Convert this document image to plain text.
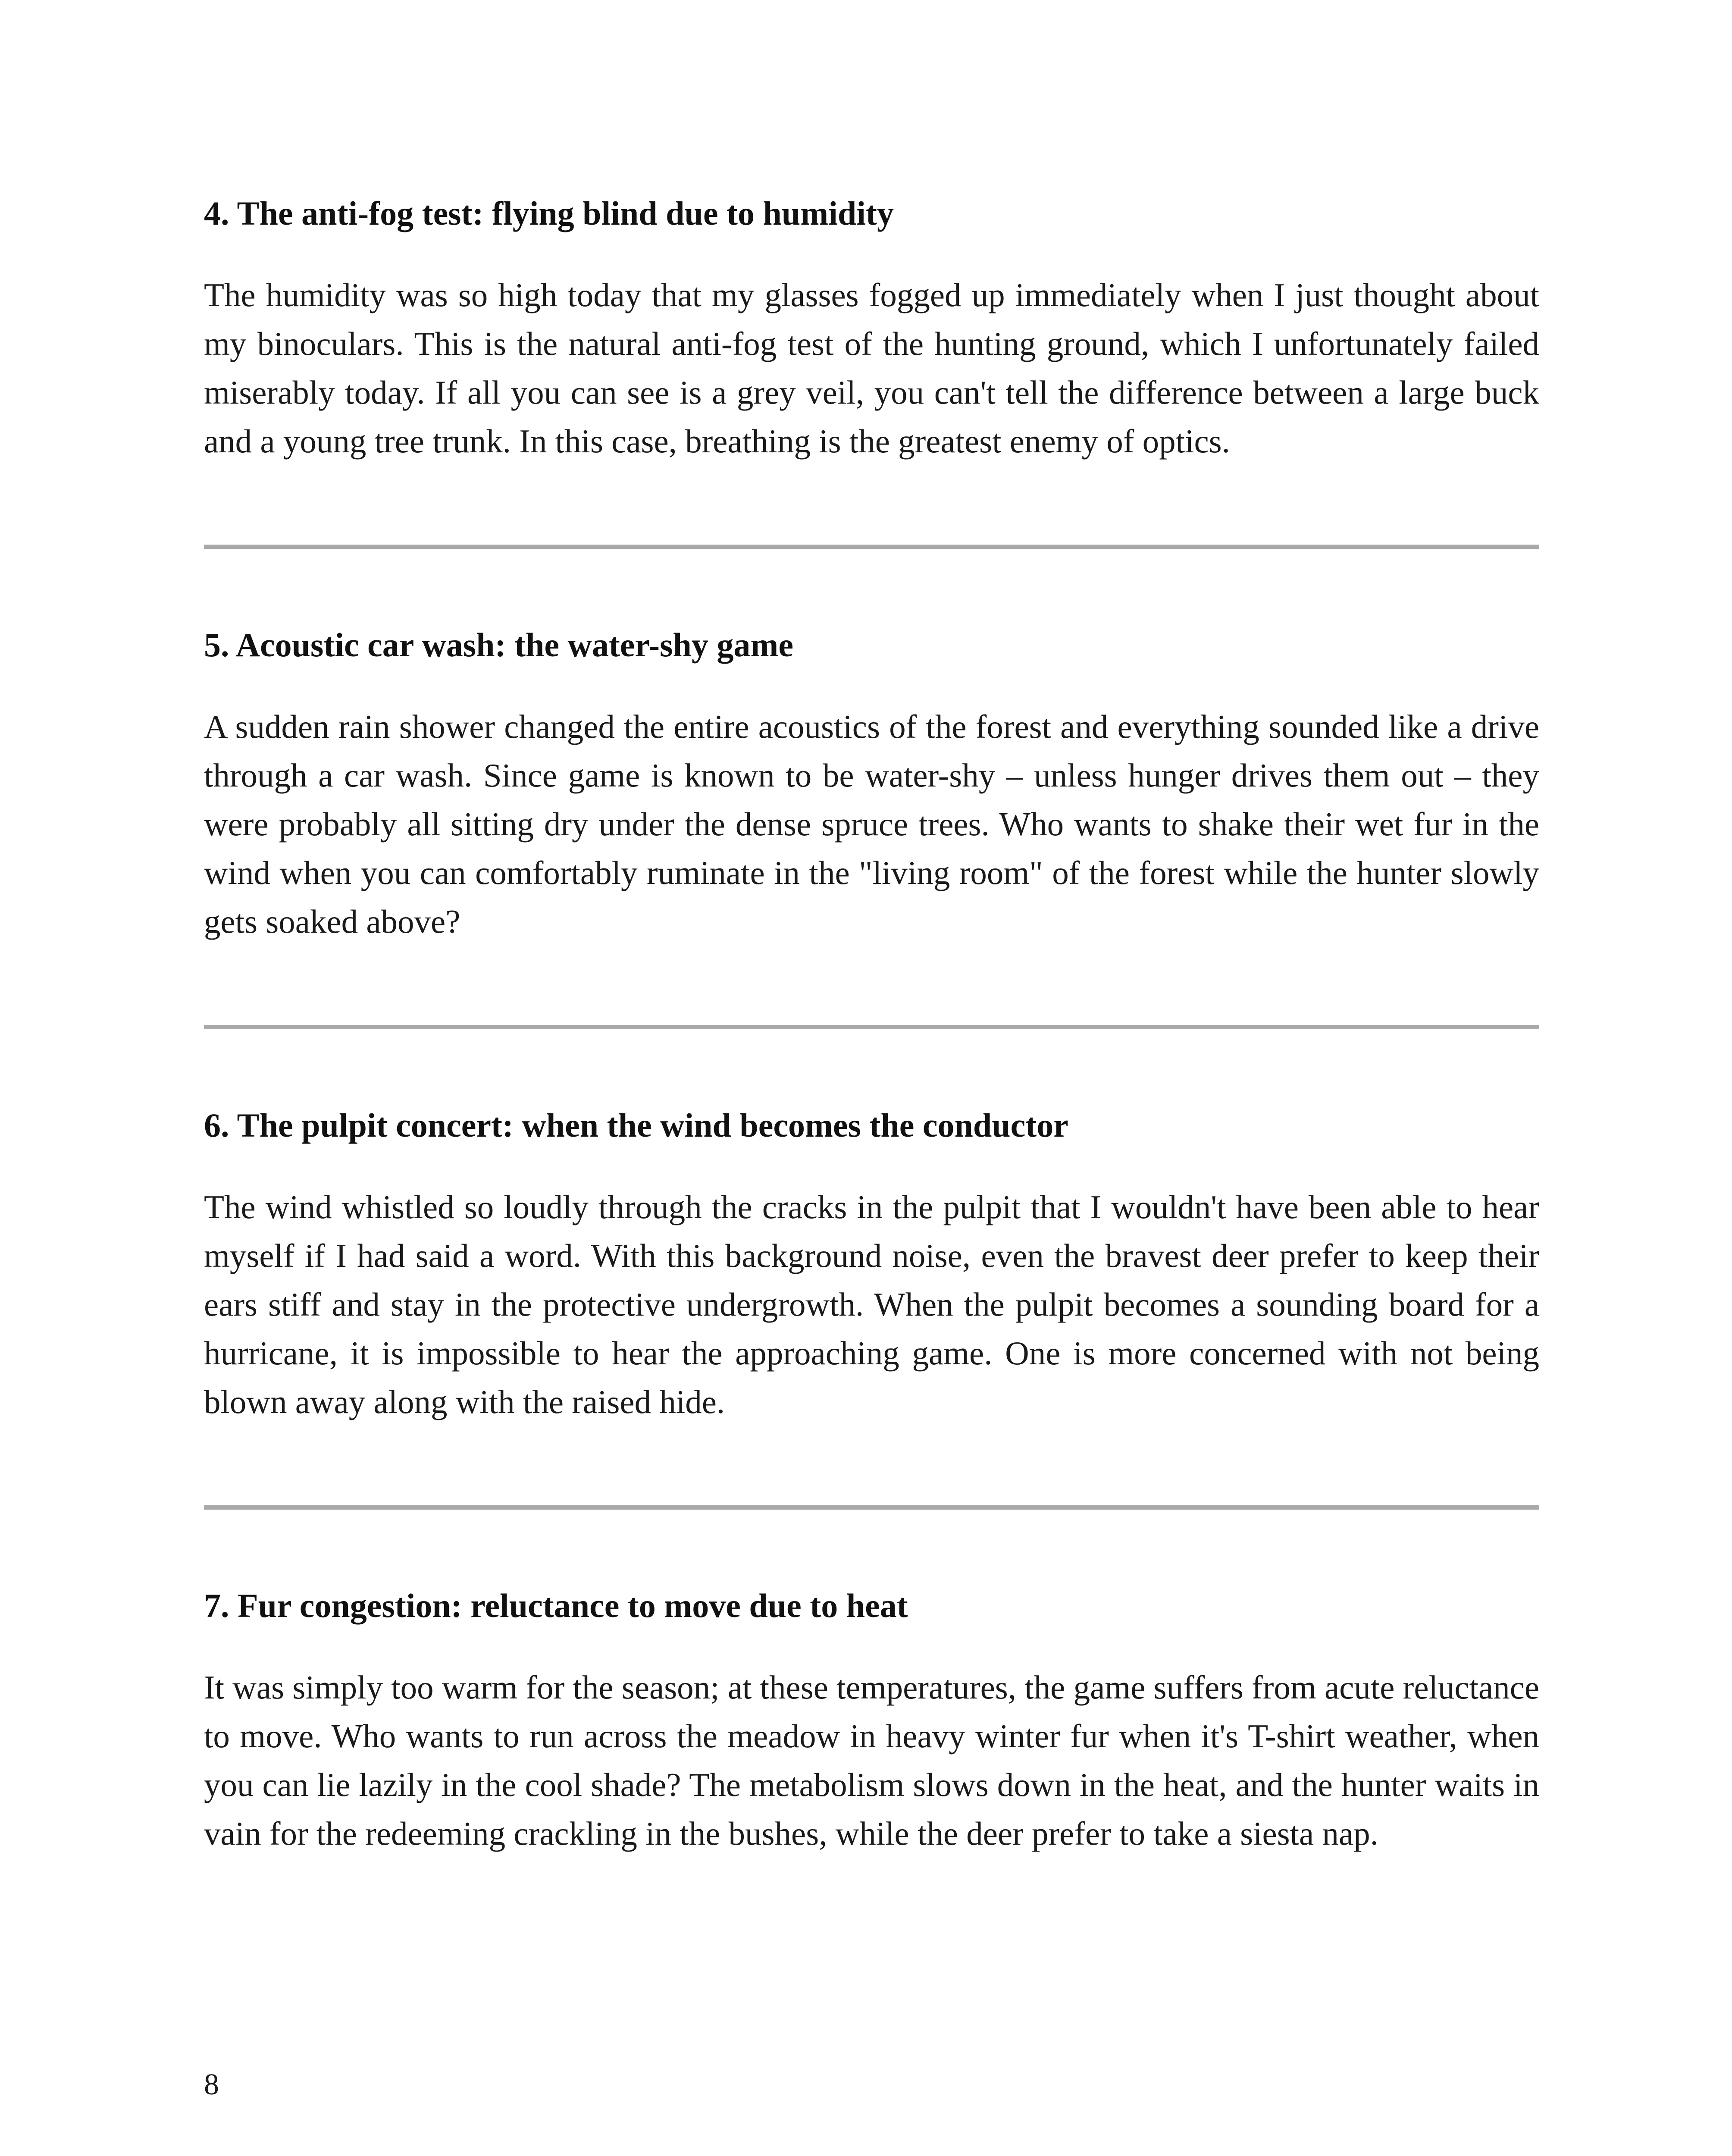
4. The anti-fog test: flying blind due to humidity

The humidity was so high today that my glasses fogged up immediately when I just thought about my binoculars. This is the natural anti-fog test of the hunting ground, which I unfortunately failed miserably today. If all you can see is a grey veil, you can't tell the difference between a large buck and a young tree trunk. In this case, breathing is the greatest enemy of optics.

5. Acoustic car wash: the water-shy game

A sudden rain shower changed the entire acoustics of the forest and everything sounded like a drive through a car wash. Since game is known to be water-shy – unless hunger drives them out – they were probably all sitting dry under the dense spruce trees. Who wants to shake their wet fur in the wind when you can comfortably ruminate in the "living room" of the forest while the hunter slowly gets soaked above?

6. The pulpit concert: when the wind becomes the conductor

The wind whistled so loudly through the cracks in the pulpit that I wouldn't have been able to hear myself if I had said a word. With this background noise, even the bravest deer prefer to keep their ears stiff and stay in the protective undergrowth. When the pulpit becomes a sounding board for a hurricane, it is impossible to hear the approaching game. One is more concerned with not being blown away along with the raised hide.

7. Fur congestion: reluctance to move due to heat

It was simply too warm for the season; at these temperatures, the game suffers from acute reluctance to move. Who wants to run across the meadow in heavy winter fur when it's T-shirt weather, when you can lie lazily in the cool shade? The metabolism slows down in the heat, and the hunter waits in vain for the redeeming crackling in the bushes, while the deer prefer to take a siesta nap.

8
